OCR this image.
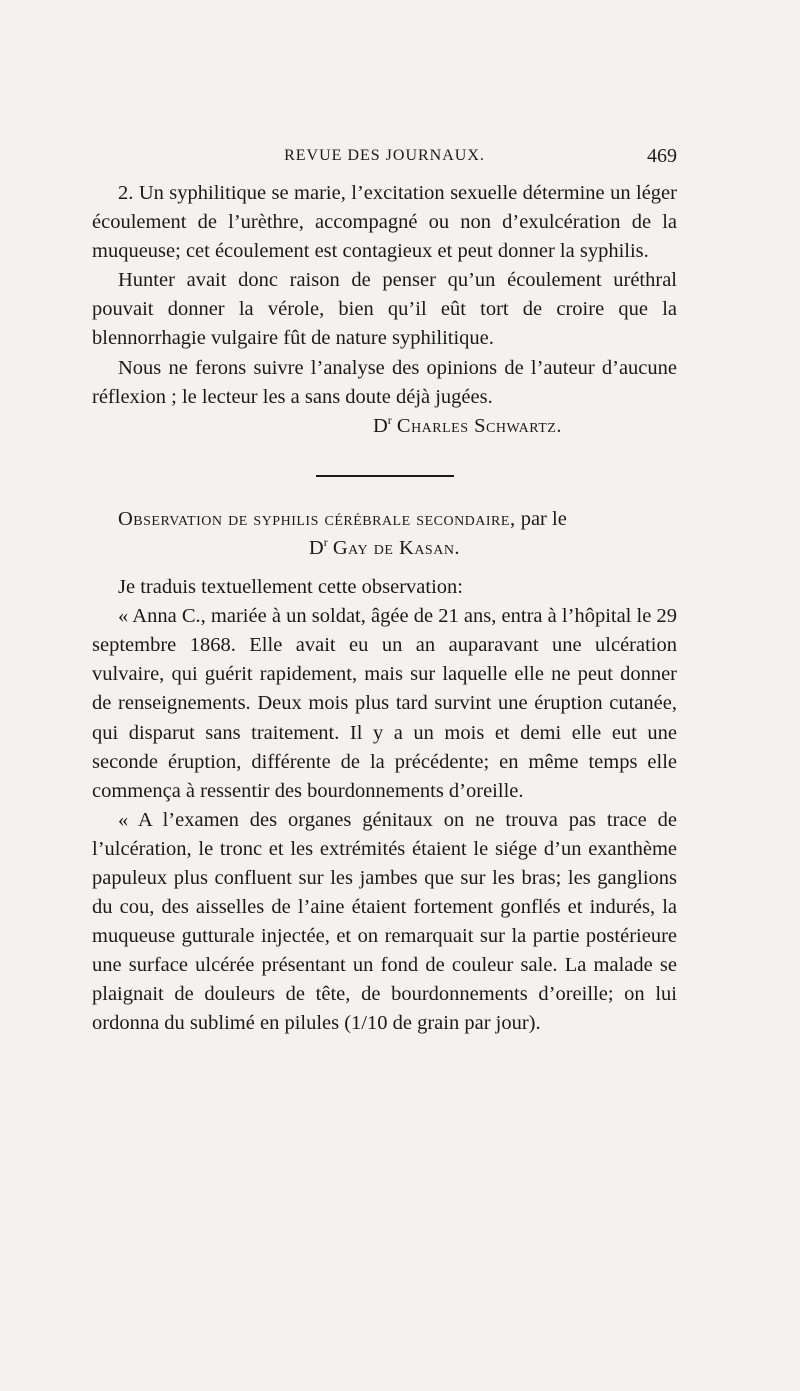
REVUE DES JOURNAUX.	469

2. Un syphilitique se marie, l’excitation sexuelle détermine un léger écoulement de l’urèthre, accompagné ou non d’exulcération de la muqueuse; cet écoulement est contagieux et peut donner la syphilis.

Hunter avait donc raison de penser qu’un écoulement uréthral pouvait donner la vérole, bien qu’il eût tort de croire que la blennorrhagie vulgaire fût de nature syphilitique.

Nous ne ferons suivre l’analyse des opinions de l’auteur d’aucune réflexion ; le lecteur les a sans doute déjà jugées.

$D^r$ Charles Schwartz.

Observation de syphilis cérébrale secondaire, par le

$D^r$ Gay de Kasan.

Je traduis textuellement cette observation:

« Anna C., mariée à un soldat, âgée de 21 ans, entra à l’hôpital le 29 septembre 1868. Elle avait eu un an auparavant une ulcération vulvaire, qui guérit rapidement, mais sur laquelle elle ne peut donner de renseignements. Deux mois plus tard survint une éruption cutanée, qui disparut sans traitement. Il y a un mois et demi elle eut une seconde éruption, différente de la précédente; en même temps elle commença à ressentir des bourdonnements d’oreille.

« A l’examen des organes génitaux on ne trouva pas trace de l’ulcération, le tronc et les extrémités étaient le siége d’un exanthème papuleux plus confluent sur les jambes que sur les bras; les ganglions du cou, des aisselles de l’aine étaient fortement gonflés et indurés, la muqueuse gutturale injectée, et on remarquait sur la partie postérieure une surface ulcérée présentant un fond de couleur sale. La malade se plaignait de douleurs de tête, de bourdonnements d’oreille; on lui ordonna du sublimé en pilules (1/10 de grain par jour).
